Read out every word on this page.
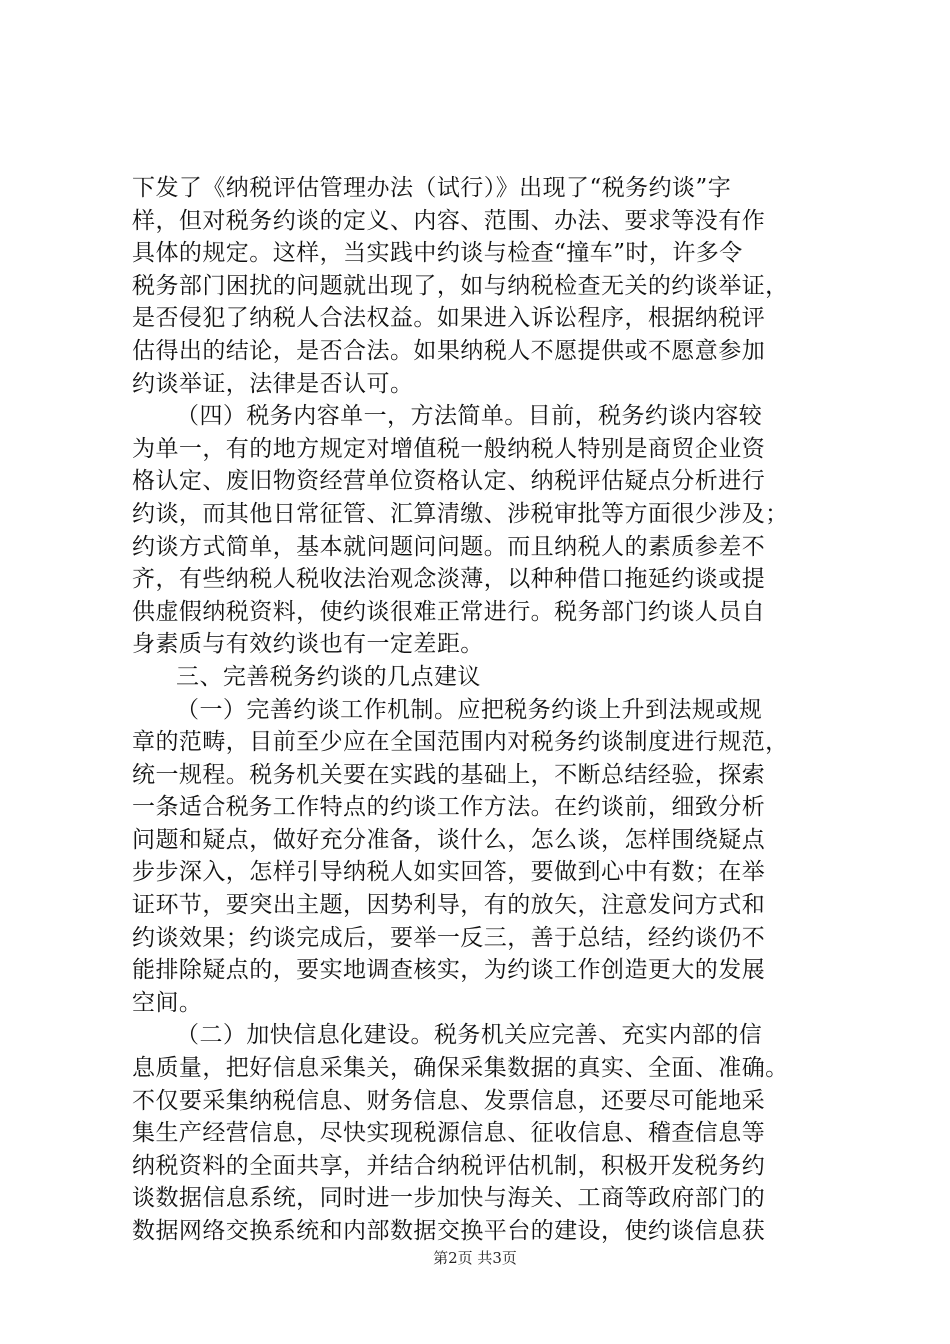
下发了《纳税评估管理办法（试行）》出现了“税务约谈”字
样，但对税务约谈的定义、内容、范围、办法、要求等没有作
具体的规定。这样，当实践中约谈与检查“撞车”时，许多令
税务部门困扰的问题就出现了，如与纳税检查无关的约谈举证，
是否侵犯了纳税人合法权益。如果进入诉讼程序，根据纳税评
估得出的结论，是否合法。如果纳税人不愿提供或不愿意参加
约谈举证，法律是否认可。
（四）税务内容单一，方法简单。目前，税务约谈内容较
为单一，有的地方规定对增值税一般纳税人特别是商贸企业资
格认定、废旧物资经营单位资格认定、纳税评估疑点分析进行
约谈，而其他日常征管、汇算清缴、涉税审批等方面很少涉及；
约谈方式简单，基本就问题问问题。而且纳税人的素质参差不
齐，有些纳税人税收法治观念淡薄，以种种借口拖延约谈或提
供虚假纳税资料，使约谈很难正常进行。税务部门约谈人员自
身素质与有效约谈也有一定差距。
三、完善税务约谈的几点建议
（一）完善约谈工作机制。应把税务约谈上升到法规或规
章的范畴，目前至少应在全国范围内对税务约谈制度进行规范，
统一规程。税务机关要在实践的基础上，不断总结经验，探索
一条适合税务工作特点的约谈工作方法。在约谈前，细致分析
问题和疑点，做好充分准备，谈什么，怎么谈，怎样围绕疑点
步步深入，怎样引导纳税人如实回答，要做到心中有数；在举
证环节，要突出主题，因势利导，有的放矢，注意发问方式和
约谈效果；约谈完成后，要举一反三，善于总结，经约谈仍不
能排除疑点的，要实地调查核实，为约谈工作创造更大的发展
空间。
（二）加快信息化建设。税务机关应完善、充实内部的信
息质量，把好信息采集关，确保采集数据的真实、全面、准确。
不仅要采集纳税信息、财务信息、发票信息，还要尽可能地采
集生产经营信息，尽快实现税源信息、征收信息、稽查信息等
纳税资料的全面共享，并结合纳税评估机制，积极开发税务约
谈数据信息系统，同时进一步加快与海关、工商等政府部门的
数据网络交换系统和内部数据交换平台的建设，使约谈信息获
第2页 共3页
